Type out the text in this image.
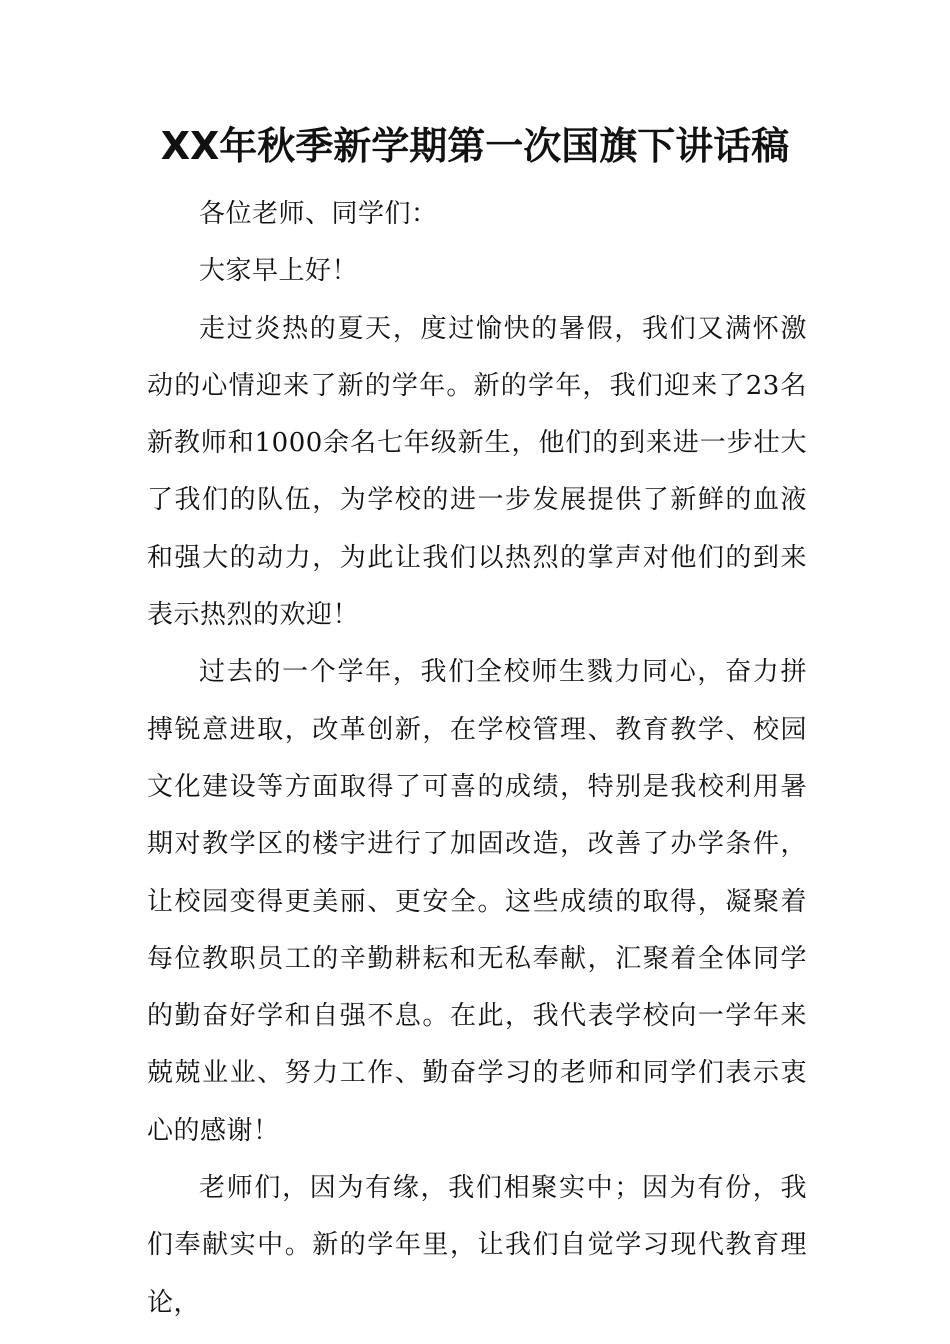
XX年秋季新学期第一次国旗下讲话稿

各位老师、同学们：

大家早上好！

走过炎热的夏天，度过愉快的暑假，我们又满怀激动的心情迎来了新的学年。新的学年，我们迎来了23名新教师和1000余名七年级新生，他们的到来进一步壮大了我们的队伍，为学校的进一步发展提供了新鲜的血液和强大的动力，为此让我们以热烈的掌声对他们的到来表示热烈的欢迎！

过去的一个学年，我们全校师生戮力同心，奋力拼搏锐意进取，改革创新，在学校管理、教育教学、校园文化建设等方面取得了可喜的成绩，特别是我校利用暑期对教学区的楼宇进行了加固改造，改善了办学条件，让校园变得更美丽、更安全。这些成绩的取得，凝聚着每位教职员工的辛勤耕耘和无私奉献，汇聚着全体同学的勤奋好学和自强不息。在此，我代表学校向一学年来兢兢业业、努力工作、勤奋学习的老师和同学们表示衷心的感谢！

老师们，因为有缘，我们相聚实中；因为有份，我们奉献实中。新的学年里，让我们自觉学习现代教育理论，
